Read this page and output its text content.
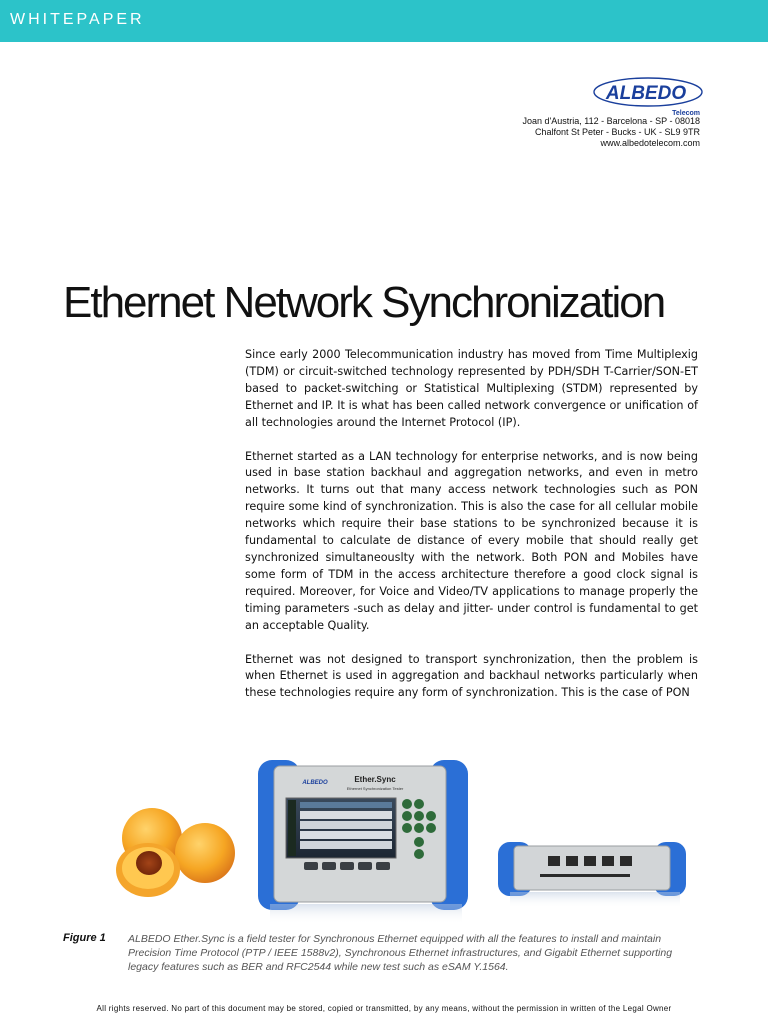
WHITEPAPER
ALBEDO
Telecom
Joan d'Austria, 112 - Barcelona - SP - 08018
Chalfont St Peter - Bucks - UK - SL9 9TR
www.albedotelecom.com
Ethernet Network Synchronization

Since early 2000 Telecommunication industry has moved from Time Multiplexig (TDM) or circuit-switched technology represented by PDH/SDH T-Carrier/SON-ET based to packet-switching or Statistical Multiplexing (STDM) represented by Ethernet and IP. It is what has been called network convergence or unification of all technologies around the Internet Protocol (IP).

Ethernet started as a LAN technology for enterprise networks, and is now being used in base station backhaul and aggregation networks, and even in metro networks. It turns out that many access network technologies such as PON require some kind of synchronization. This is also the case for all cellular mobile networks which require their base stations to be synchronized because it is fundamental to calculate de distance of every mobile that should really get synchronized simultaneouslty with the network. Both PON and Mobiles have some form of TDM in the access architecture therefore a good clock signal is required. Moreover, for Voice and Video/TV applications to manage properly the timing parameters -such as delay and jitter- under control is fundamental to get an acceptable Quality.

Ethernet was not designed to transport synchronization, then the problem is when Ethernet is used in aggregation and backhaul networks particularly when these technologies require any form of synchronization. This is the case of PON

ALBEDO	Ether.Sync
Ethernet Synchronization Tester
Figure 1 ALBEDO Ether.Sync is a field tester for Synchronous Ethernet equipped with all the features to install and maintain Precision Time Protocol (PTP / IEEE 1588v2), Synchronous Ethernet infrastructures, and Gigabit Ethernet supporting legacy features such as BER and RFC2544 while new test such as eSAM Y.1564.
All rights reserved. No part of this document may be stored, copied or transmitted, by any means, without the permission in written of the Legal Owner
